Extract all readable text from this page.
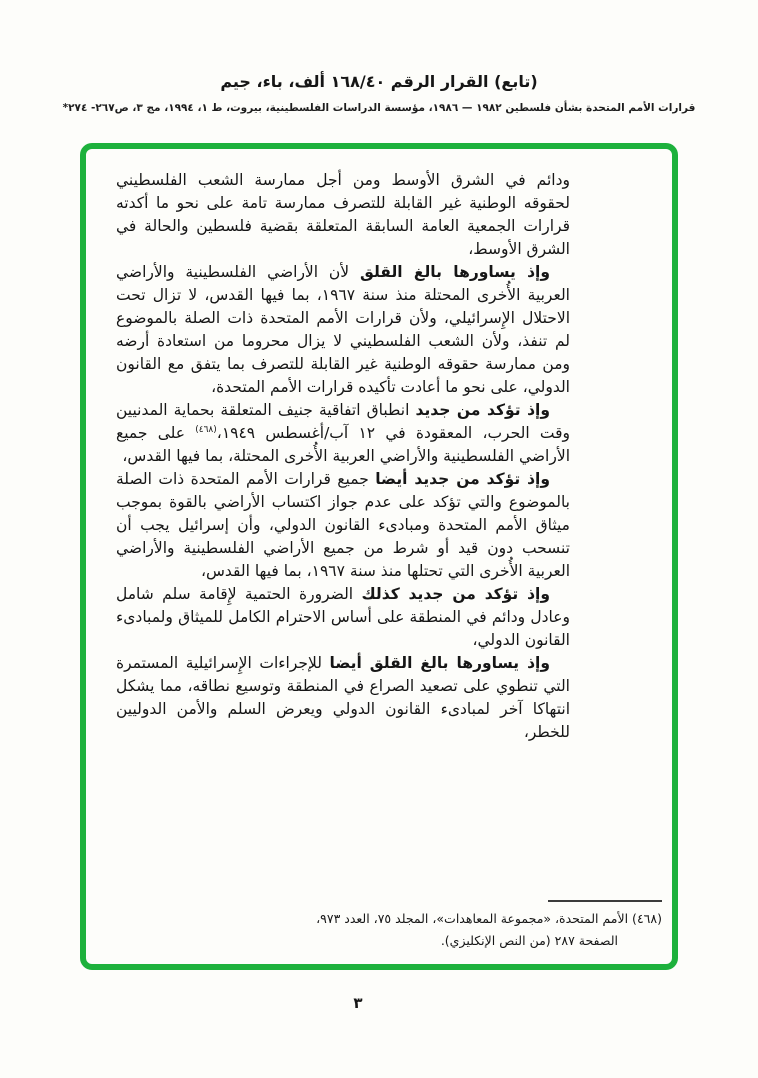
(تابع) القرار الرقم ١٦٨/٤٠ ألف، باء، جيم
قرارات الأمم المتحدة بشأن فلسطين ١٩٨٢ — ١٩٨٦، مؤسسة الدراسات الفلسطينية، بيروت، ط ١، ١٩٩٤، مج ٣، ص٢٦٧- ٢٧٤*

ودائم في الشرق الأوسط ومن أجل ممارسة الشعب الفلسطيني لحقوقه الوطنية غير القابلة للتصرف ممارسة تامة على نحو ما أكدته قرارات الجمعية العامة السابقة المتعلقة بقضية فلسطين والحالة في الشرق الأوسط،

وإذ يساورها بالغ القلق لأن الأراضي الفلسطينية والأراضي العربية الأُخرى المحتلة منذ سنة ١٩٦٧، بما فيها القدس، لا تزال تحت الاحتلال الإِسرائيلي، ولأن قرارات الأمم المتحدة ذات الصلة بالموضوع لم تنفذ، ولأن الشعب الفلسطيني لا يزال محروما من استعادة أرضه ومن ممارسة حقوقه الوطنية غير القابلة للتصرف بما يتفق مع القانون الدولي، على نحو ما أعادت تأكيده قرارات الأمم المتحدة،

وإذ تؤكد من جديد انطباق اتفاقية جنيف المتعلقة بحماية المدنيين وقت الحرب، المعقودة في ١٢ آب/أغسطس ١٩٤٩،$^{(٤٦٨)}$ على جميع الأراضي الفلسطينية والأراضي العربية الأُخرى المحتلة، بما فيها القدس،

وإذ تؤكد من جديد أيضا جميع قرارات الأمم المتحدة ذات الصلة بالموضوع والتي تؤكد على عدم جواز اكتساب الأراضي بالقوة بموجب ميثاق الأمم المتحدة ومبادىء القانون الدولي، وأن إسرائيل يجب أن تنسحب دون قيد أو شرط من جميع الأراضي الفلسطينية والأراضي العربية الأُخرى التي تحتلها منذ سنة ١٩٦٧، بما فيها القدس،

وإذ تؤكد من جديد كذلك الضرورة الحتمية لإِقامة سلم شامل وعادل ودائم في المنطقة على أساس الاحترام الكامل للميثاق ولمبادىء القانون الدولي،

وإذ يساورها بالغ القلق أيضا للإجراءات الإِسرائيلية المستمرة التي تنطوي على تصعيد الصراع في المنطقة وتوسيع نطاقه، مما يشكل انتهاكا آخر لمبادىء القانون الدولي ويعرض السلم والأمن الدوليين للخطر،

(٤٦٨) الأمم المتحدة، «مجموعة المعاهدات»، المجلد ٧٥، العدد ٩٧٣،
الصفحة ٢٨٧ (من النص الإنكليزي).
٣
